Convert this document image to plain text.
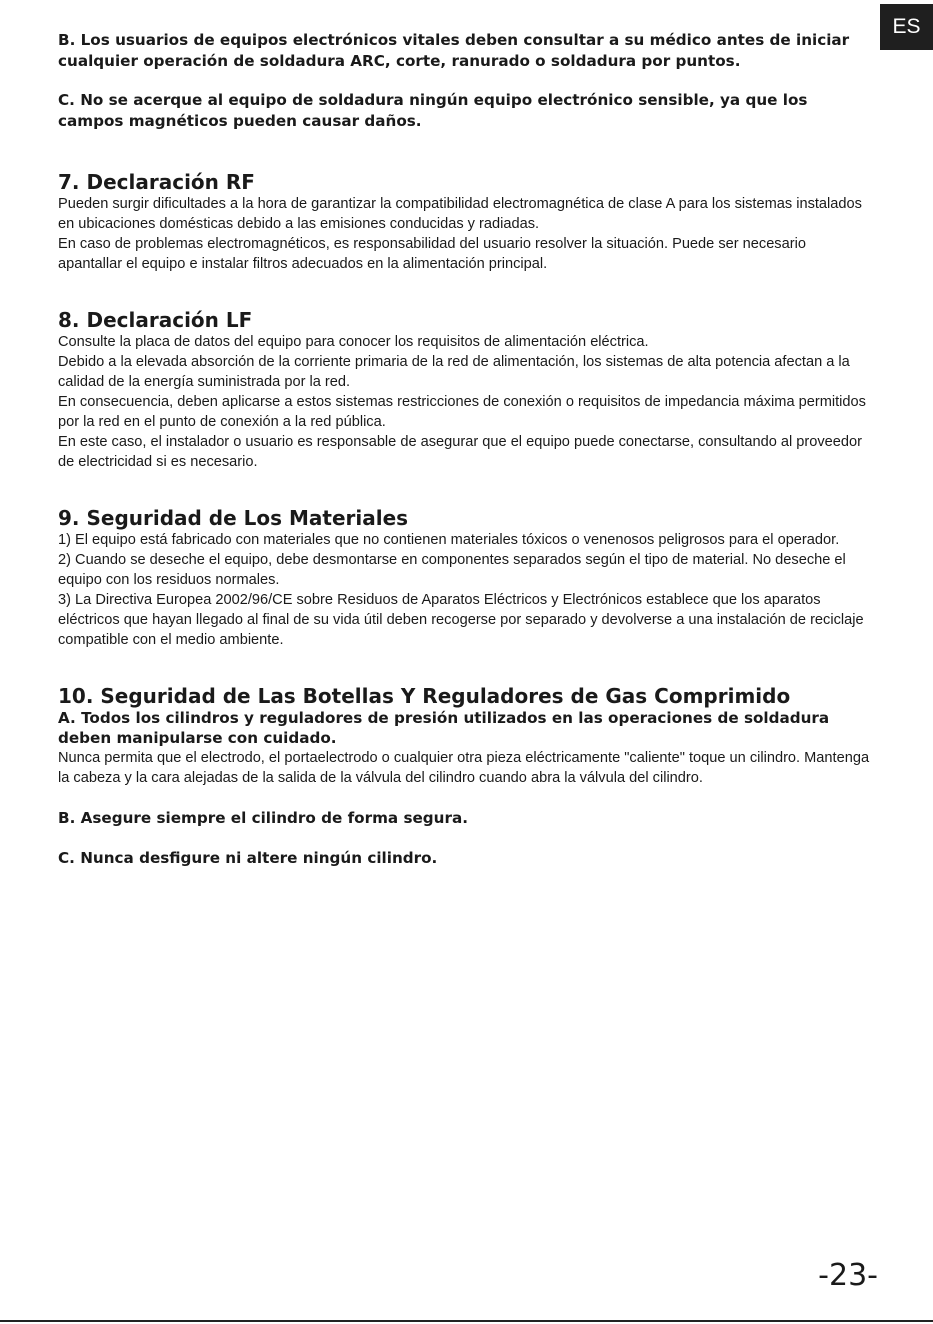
ES

B. Los usuarios de equipos electrónicos vitales deben consultar a su médico antes de iniciar cualquier operación de soldadura ARC, corte, ranurado o soldadura por puntos.

C. No se acerque al equipo de soldadura ningún equipo electrónico sensible, ya que los campos magnéticos pueden causar daños.

7. Declaración RF

Pueden surgir dificultades a la hora de garantizar la compatibilidad electromagnética de clase A para los sistemas instalados en ubicaciones domésticas debido a las emisiones conducidas y radiadas.

En caso de problemas electromagnéticos, es responsabilidad del usuario resolver la situación. Puede ser necesario apantallar el equipo e instalar filtros adecuados en la alimentación principal.

8. Declaración LF

Consulte la placa de datos del equipo para conocer los requisitos de alimentación eléctrica.

Debido a la elevada absorción de la corriente primaria de la red de alimentación, los sistemas de alta potencia afectan a la calidad de la energía suministrada por la red.

En consecuencia, deben aplicarse a estos sistemas restricciones de conexión o requisitos de impedancia máxima permitidos por la red en el punto de conexión a la red pública.

En este caso, el instalador o usuario es responsable de asegurar que el equipo puede conectarse, consultando al proveedor de electricidad si es necesario.

9. Seguridad de Los Materiales

1) El equipo está fabricado con materiales que no contienen materiales tóxicos o venenosos peligrosos para el operador.

2) Cuando se deseche el equipo, debe desmontarse en componentes separados según el tipo de material. No deseche el equipo con los residuos normales.

3) La Directiva Europea 2002/96/CE sobre Residuos de Aparatos Eléctricos y Electrónicos establece que los aparatos eléctricos que hayan llegado al final de su vida útil deben recogerse por separado y devolverse a una instalación de reciclaje compatible con el medio ambiente.

10. Seguridad de Las Botellas Y Reguladores de Gas Comprimido

A. Todos los cilindros y reguladores de presión utilizados en las operaciones de soldadura deben manipularse con cuidado.

Nunca permita que el electrodo, el portaelectrodo o cualquier otra pieza eléctricamente "caliente" toque un cilindro. Mantenga la cabeza y la cara alejadas de la salida de la válvula del cilindro cuando abra la válvula del cilindro.

B. Asegure siempre el cilindro de forma segura.

C. Nunca desfigure ni altere ningún cilindro.

-23-
